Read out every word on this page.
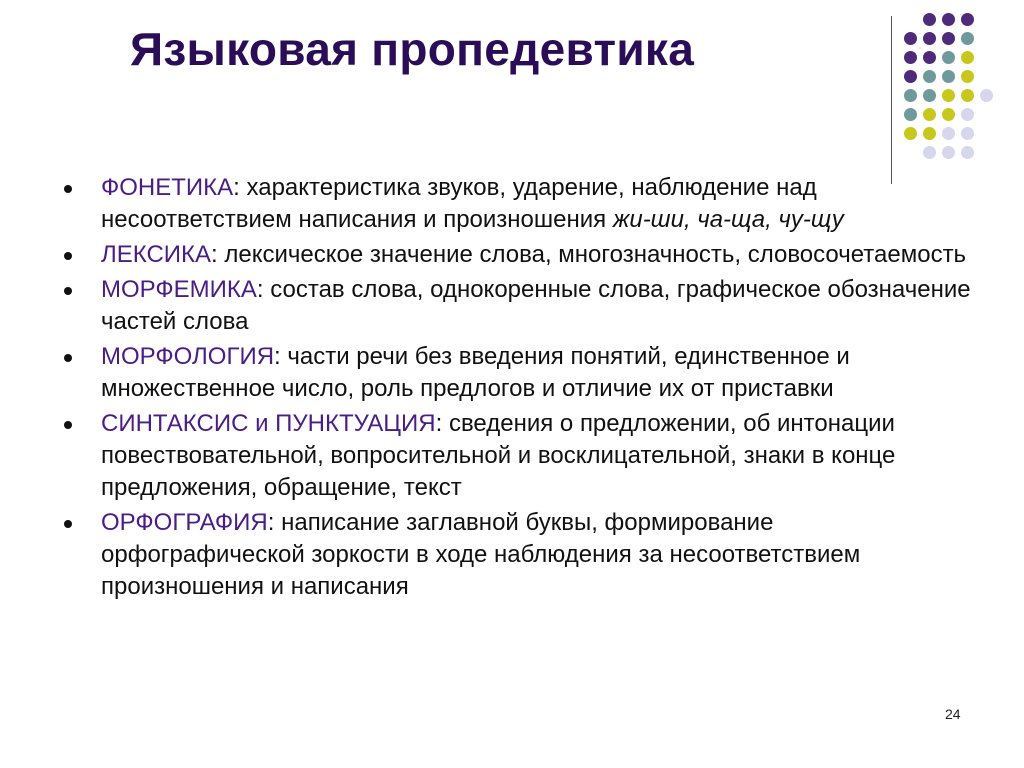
Языковая пропедевтика
ФОНЕТИКА: характеристика звуков, ударение, наблюдение над несоответствием написания и произношения жи-ши, ча-ща, чу-щу
ЛЕКСИКА: лексическое значение слова, многозначность, словосочетаемость
МОРФЕМИКА: состав слова, однокоренные слова, графическое обозначение частей слова
МОРФОЛОГИЯ: части речи без введения понятий, единственное и множественное число, роль предлогов и отличие их от приставки
СИНТАКСИС и ПУНКТУАЦИЯ: сведения о предложении, об интонации повествовательной, вопросительной и восклицательной, знаки в конце предложения, обращение, текст
ОРФОГРАФИЯ: написание заглавной буквы, формирование орфографической зоркости в ходе наблюдения за несоответствием произношения и написания
24
